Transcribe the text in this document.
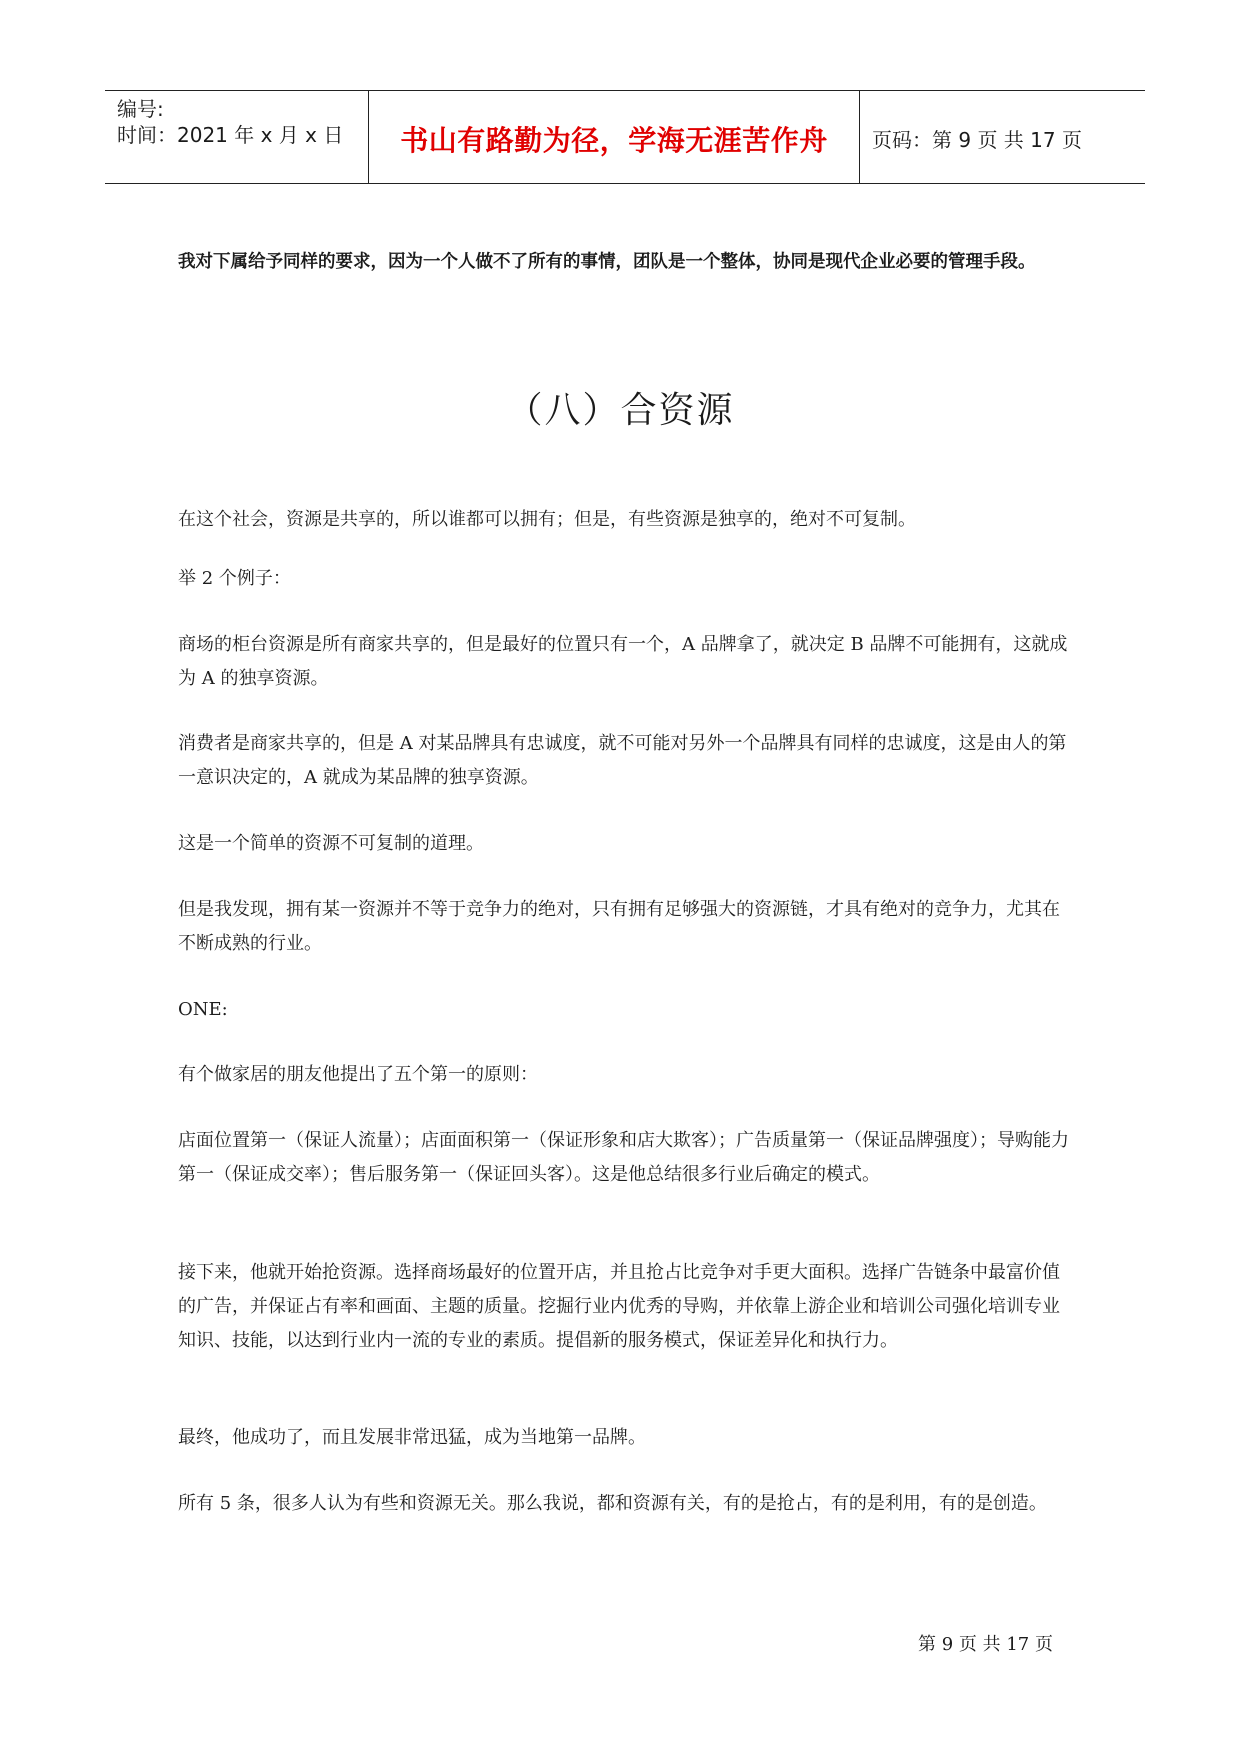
编号:
时间：2021 年 x 月 x 日	书山有路勤为径，学海无涯苦作舟	页码：第 9 页 共 17 页
我对下属给予同样的要求，因为一个人做不了所有的事情，团队是一个整体，协同是现代企业必要的管理手段。
（八）合资源
在这个社会，资源是共享的，所以谁都可以拥有；但是，有些资源是独享的，绝对不可复制。
举 2 个例子：
商场的柜台资源是所有商家共享的，但是最好的位置只有一个，A 品牌拿了，就决定 B 品牌不可能拥有，这就成为 A 的独享资源。
消费者是商家共享的，但是 A 对某品牌具有忠诚度，就不可能对另外一个品牌具有同样的忠诚度，这是由人的第一意识决定的，A 就成为某品牌的独享资源。
这是一个简单的资源不可复制的道理。
但是我发现，拥有某一资源并不等于竞争力的绝对，只有拥有足够强大的资源链，才具有绝对的竞争力，尤其在不断成熟的行业。
ONE:
有个做家居的朋友他提出了五个第一的原则：
店面位置第一（保证人流量）；店面面积第一（保证形象和店大欺客）；广告质量第一（保证品牌强度）；导购能力第一（保证成交率）；售后服务第一（保证回头客）。这是他总结很多行业后确定的模式。
接下来，他就开始抢资源。选择商场最好的位置开店，并且抢占比竞争对手更大面积。选择广告链条中最富价值的广告，并保证占有率和画面、主题的质量。挖掘行业内优秀的导购，并依靠上游企业和培训公司强化培训专业知识、技能，以达到行业内一流的专业的素质。提倡新的服务模式，保证差异化和执行力。
最终，他成功了，而且发展非常迅猛，成为当地第一品牌。
所有 5 条，很多人认为有些和资源无关。那么我说，都和资源有关，有的是抢占，有的是利用，有的是创造。
第 9 页 共 17 页
